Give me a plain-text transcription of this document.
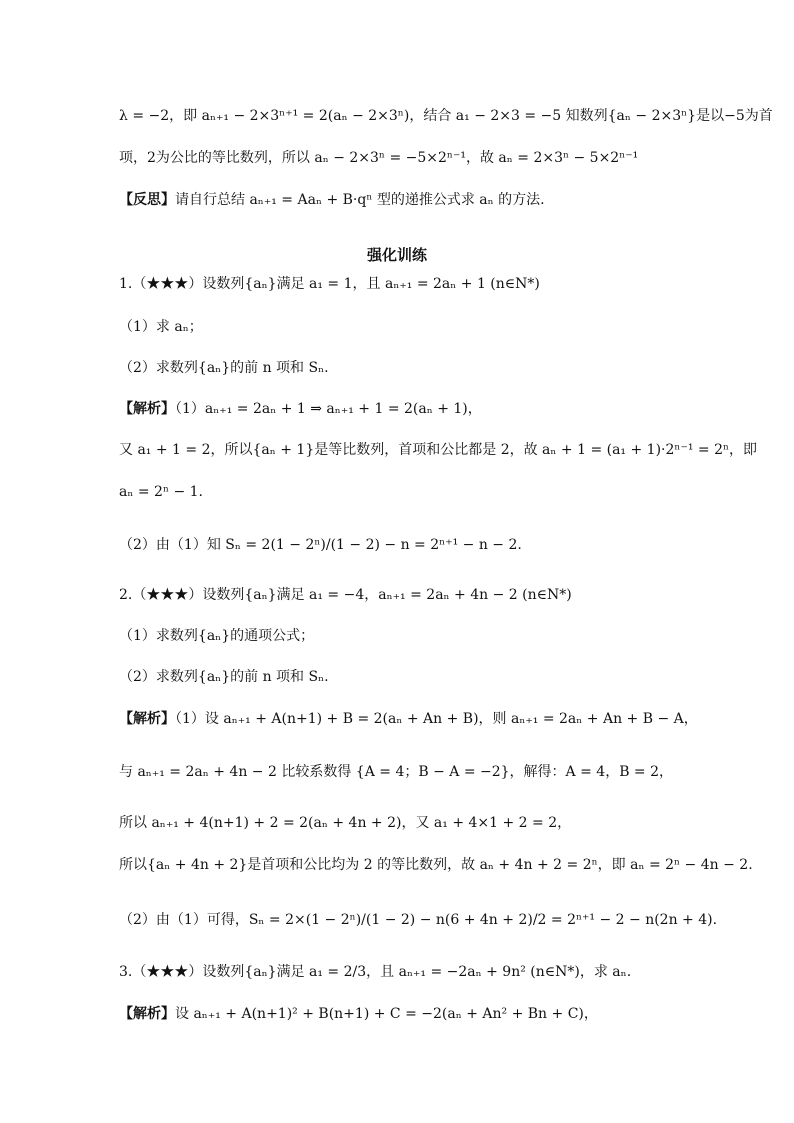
λ = −2，即 aₙ₊₁ − 2×3ⁿ⁺¹ = 2(aₙ − 2×3ⁿ)，结合 a₁ − 2×3 = −5 知数列{aₙ − 2×3ⁿ}是以−5为首
项，2为公比的等比数列，所以 aₙ − 2×3ⁿ = −5×2ⁿ⁻¹，故 aₙ = 2×3ⁿ − 5×2ⁿ⁻¹
【反思】请自行总结 aₙ₊₁ = Aaₙ + B·qⁿ 型的递推公式求 aₙ 的方法.
强化训练
1.（★★★）设数列{aₙ}满足 a₁ = 1，且 aₙ₊₁ = 2aₙ + 1 (n∈N*)
（1）求 aₙ；
（2）求数列{aₙ}的前 n 项和 Sₙ.
【解析】（1）aₙ₊₁ = 2aₙ + 1 ⇒ aₙ₊₁ + 1 = 2(aₙ + 1)，
又 a₁ + 1 = 2，所以{aₙ + 1}是等比数列，首项和公比都是 2，故 aₙ + 1 = (a₁ + 1)·2ⁿ⁻¹ = 2ⁿ，即
aₙ = 2ⁿ − 1.
（2）由（1）知 Sₙ = 2(1 − 2ⁿ)/(1 − 2) − n = 2ⁿ⁺¹ − n − 2.
2.（★★★）设数列{aₙ}满足 a₁ = −4，aₙ₊₁ = 2aₙ + 4n − 2 (n∈N*)
（1）求数列{aₙ}的通项公式；
（2）求数列{aₙ}的前 n 项和 Sₙ.
【解析】（1）设 aₙ₊₁ + A(n+1) + B = 2(aₙ + An + B)，则 aₙ₊₁ = 2aₙ + An + B − A，
与 aₙ₊₁ = 2aₙ + 4n − 2 比较系数得 {A = 4；B − A = −2}，解得：A = 4，B = 2，
所以 aₙ₊₁ + 4(n+1) + 2 = 2(aₙ + 4n + 2)，又 a₁ + 4×1 + 2 = 2，
所以{aₙ + 4n + 2}是首项和公比均为 2 的等比数列，故 aₙ + 4n + 2 = 2ⁿ，即 aₙ = 2ⁿ − 4n − 2.
（2）由（1）可得，Sₙ = 2×(1 − 2ⁿ)/(1 − 2) − n(6 + 4n + 2)/2 = 2ⁿ⁺¹ − 2 − n(2n + 4).
3.（★★★）设数列{aₙ}满足 a₁ = 2/3，且 aₙ₊₁ = −2aₙ + 9n² (n∈N*)，求 aₙ.
【解析】设 aₙ₊₁ + A(n+1)² + B(n+1) + C = −2(aₙ + An² + Bn + C)，
